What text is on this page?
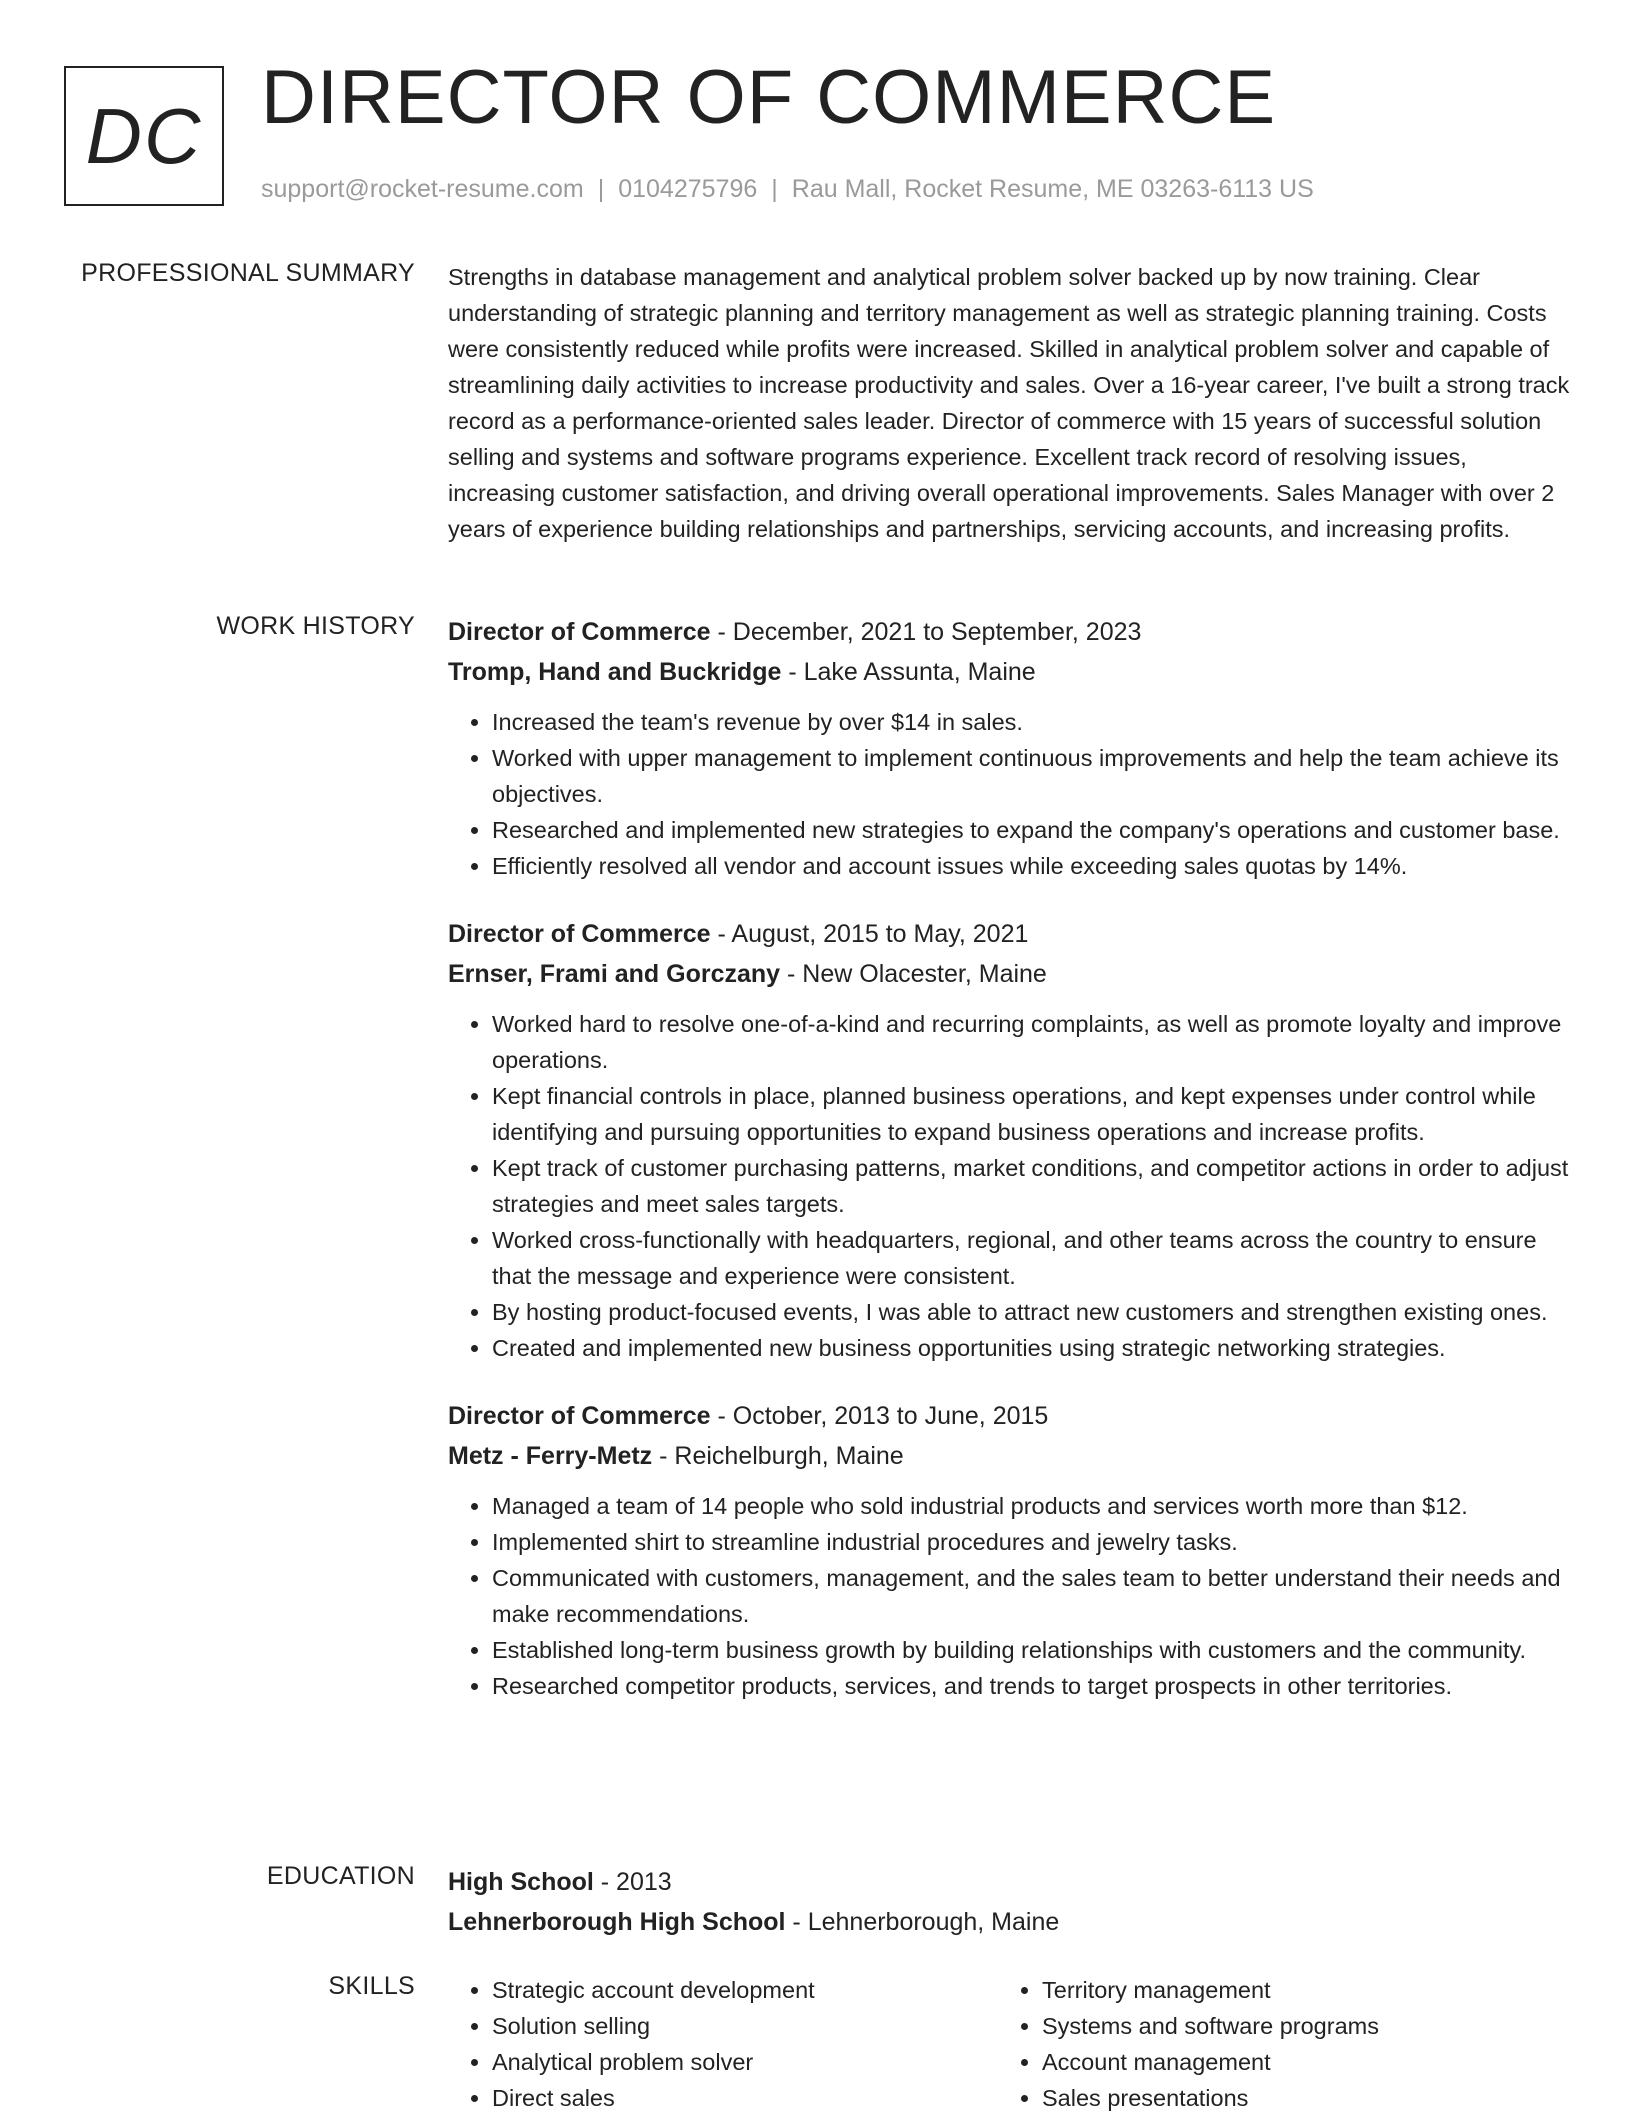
DC DIRECTOR OF COMMERCE
support@rocket-resume.com | 0104275796 | Rau Mall, Rocket Resume, ME 03263-6113 US
PROFESSIONAL SUMMARY Strengths in database management and analytical problem solver backed up by now training. Clear understanding of strategic planning and territory management as well as strategic planning training. Costs were consistently reduced while profits were increased. Skilled in analytical problem solver and capable of streamlining daily activities to increase productivity and sales. Over a 16-year career, I've built a strong track record as a performance-oriented sales leader. Director of commerce with 15 years of successful solution selling and systems and software programs experience. Excellent track record of resolving issues, increasing customer satisfaction, and driving overall operational improvements. Sales Manager with over 2 years of experience building relationships and partnerships, servicing accounts, and increasing profits.

WORK HISTORY Director of Commerce - December, 2021 to September, 2023
Tromp, Hand and Buckridge - Lake Assunta, Maine
• Increased the team's revenue by over $14 in sales.
• Worked with upper management to implement continuous improvements and help the team achieve its objectives.
• Researched and implemented new strategies to expand the company's operations and customer base.
• Efficiently resolved all vendor and account issues while exceeding sales quotas by 14%.
Director of Commerce - August, 2015 to May, 2021
Ernser, Frami and Gorczany - New Olacester, Maine
• Worked hard to resolve one-of-a-kind and recurring complaints, as well as promote loyalty and improve operations.
• Kept financial controls in place, planned business operations, and kept expenses under control while identifying and pursuing opportunities to expand business operations and increase profits.
• Kept track of customer purchasing patterns, market conditions, and competitor actions in order to adjust strategies and meet sales targets.
• Worked cross-functionally with headquarters, regional, and other teams across the country to ensure that the message and experience were consistent.
• By hosting product-focused events, I was able to attract new customers and strengthen existing ones.
• Created and implemented new business opportunities using strategic networking strategies.
Director of Commerce - October, 2013 to June, 2015
Metz - Ferry-Metz - Reichelburgh, Maine
• Managed a team of 14 people who sold industrial products and services worth more than $12.
• Implemented shirt to streamline industrial procedures and jewelry tasks.
• Communicated with customers, management, and the sales team to better understand their needs and make recommendations.
• Established long-term business growth by building relationships with customers and the community.
• Researched competitor products, services, and trends to target prospects in other territories.
EDUCATION High School - 2013
Lehnerborough High School - Lehnerborough, Maine
SKILLS
•	Strategic account development
• Solution selling
• Analytical problem solver
• Direct sales
• Territory management
• Systems and software programs
• Account management
• Sales presentations
